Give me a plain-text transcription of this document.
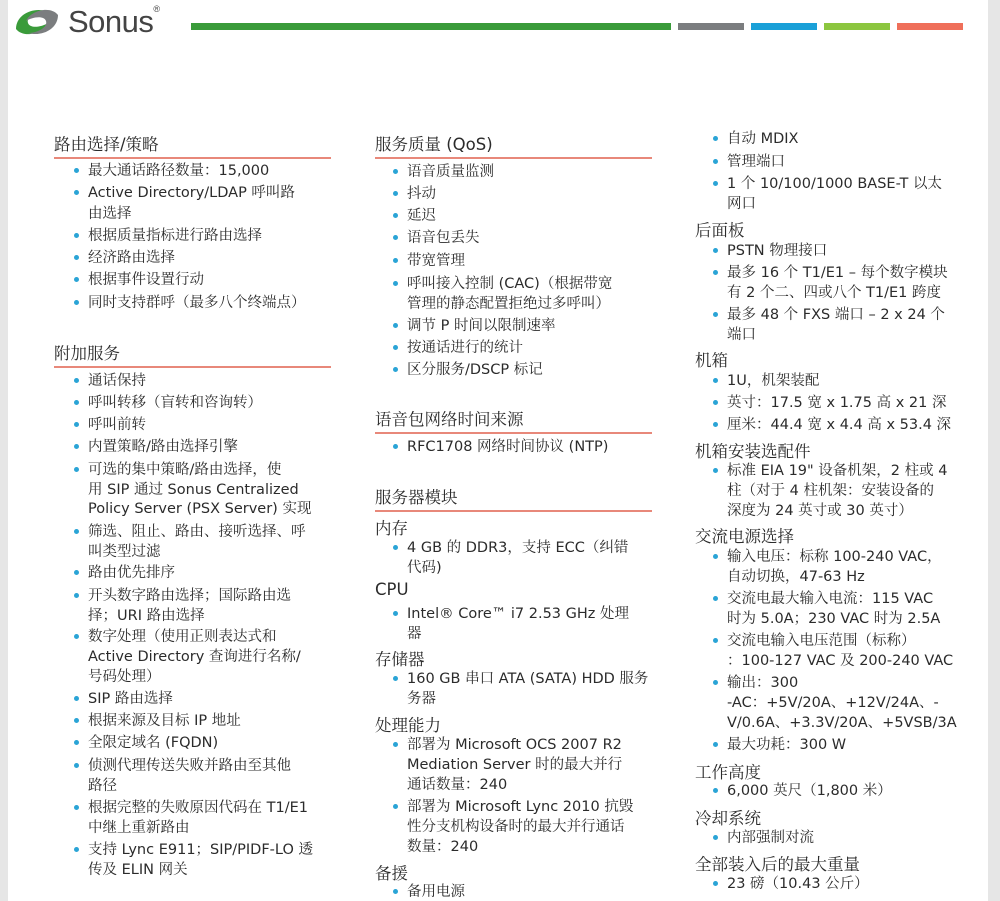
Sonus®
路由选择/策略
最大通话路径数量：15,000
Active Directory/LDAP 呼叫路
由选择
根据质量指标进行路由选择
经济路由选择
根据事件设置行动
同时支持群呼（最多八个终端点）
附加服务
通话保持
呼叫转移（盲转和咨询转）
呼叫前转
内置策略/路由选择引擎
可选的集中策略/路由选择，使
用 SIP 通过 Sonus Centralized
Policy Server (PSX Server) 实现
筛选、阻止、路由、接听选择、呼
叫类型过滤
路由优先排序
开头数字路由选择；国际路由选
择；URI 路由选择
数字处理（使用正则表达式和
Active Directory 查询进行名称/
号码处理）
SIP 路由选择
根据来源及目标 IP 地址
全限定域名 (FQDN)
侦测代理传送失败并路由至其他
路径
根据完整的失败原因代码在 T1/E1
中继上重新路由
支持 Lync E911；SIP/PIDF-LO 透
传及 ELIN 网关
服务质量 (QoS)
语音质量监测
抖动
延迟
语音包丢失
带宽管理
呼叫接入控制 (CAC)（根据带宽
管理的静态配置拒绝过多呼叫）
调节 P 时间以限制速率
按通话进行的统计
区分服务/DSCP 标记
语音包网络时间来源
RFC1708 网络时间协议 (NTP)
服务器模块
内存
4 GB 的 DDR3，支持 ECC（纠错
代码)
CPU
Intel® Core™ i7 2.53 GHz 处理
器
存储器
160 GB 串口 ATA (SATA) HDD 服务
务器
处理能力
部署为 Microsoft OCS 2007 R2
Mediation Server 时的最大并行
通话数量：240
部署为 Microsoft Lync 2010 抗毁
性分支机构设备时的最大并行通话
数量：240
备援
备用电源
自动 MDIX
管理端口
1 个 10/100/1000 BASE-T 以太
网口
后面板
PSTN 物理接口
最多 16 个 T1/E1 – 每个数字模块
有 2 个二、四或八个 T1/E1 跨度
最多 48 个 FXS 端口 – 2 x 24 个
端口
机箱
1U，机架装配
英寸：17.5 宽 x 1.75 高 x 21 深
厘米：44.4 宽 x 4.4 高 x 53.4 深
机箱安装选配件
标准 EIA 19" 设备机架，2 柱或 4
柱（对于 4 柱机架：安装设备的
深度为 24 英寸或 30 英寸）
交流电源选择
输入电压：标称 100-240 VAC，
自动切换，47-63 Hz
交流电最大输入电流：115 VAC
时为 5.0A；230 VAC 时为 2.5A
交流电输入电压范围（标称）
：100-127 VAC 及 200-240 VAC
输出：300
-AC：+5V/20A、+12V/24A、-
V/0.6A、+3.3V/20A、+5VSB/3A
最大功耗：300 W
工作高度
6,000 英尺（1,800 米）
冷却系统
内部强制对流
全部装入后的最大重量
23 磅（10.43 公斤）
